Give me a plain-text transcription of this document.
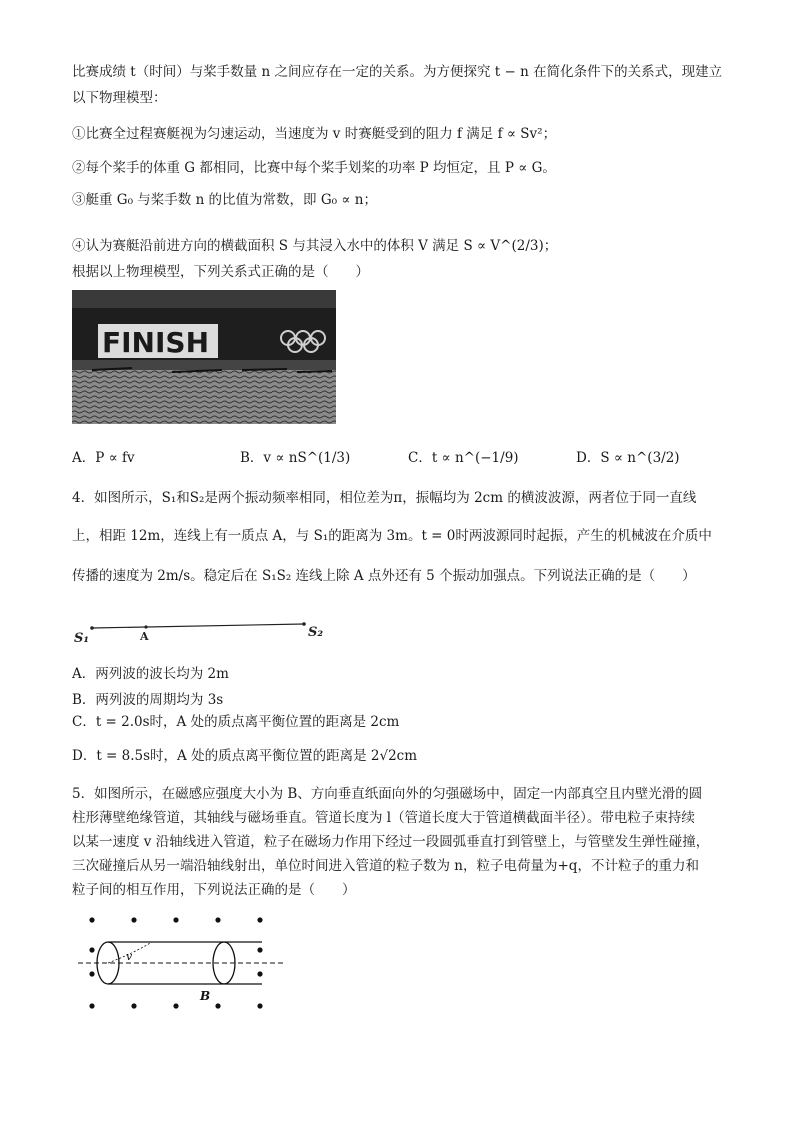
比赛成绩 t（时间）与桨手数量 n 之间应存在一定的关系。为方便探究 t − n 在简化条件下的关系式，现建立
以下物理模型：
①比赛全过程赛艇视为匀速运动，当速度为 v 时赛艇受到的阻力 f 满足 f ∝ Sv²；
②每个桨手的体重 G 都相同，比赛中每个桨手划桨的功率 P 均恒定，且 P ∝ G。
③艇重 G₀ 与桨手数 n 的比值为常数，即 G₀ ∝ n；
④认为赛艇沿前进方向的横截面积 S 与其浸入水中的体积 V 满足 S ∝ V^(2/3)；
根据以上物理模型，下列关系式正确的是（　　）
FINISH
A．P ∝ fv	B．v ∝ nS^(1/3)	C．t ∝ n^(−1/9)	D．S ∝ n^(3/2)
4．如图所示，S₁和S₂是两个振动频率相同，相位差为π，振幅均为 2cm 的横波波源，两者位于同一直线
上，相距 12m，连线上有一质点 A，与 S₁的距离为 3m。t = 0时两波源同时起振，产生的机械波在介质中
传播的速度为 2m/s。稳定后在 S₁S₂ 连线上除 A 点外还有 5 个振动加强点。下列说法正确的是（　　）
S₁	A	S₂
A．两列波的波长均为 2m
B．两列波的周期均为 3s
C．t = 2.0s时，A 处的质点离平衡位置的距离是 2cm
D．t = 8.5s时，A 处的质点离平衡位置的距离是 2√2cm
5．如图所示，在磁感应强度大小为 B、方向垂直纸面向外的匀强磁场中，固定一内部真空且内壁光滑的圆
柱形薄壁绝缘管道，其轴线与磁场垂直。管道长度为 l（管道长度大于管道横截面半径）。带电粒子束持续
以某一速度 v 沿轴线进入管道，粒子在磁场力作用下经过一段圆弧垂直打到管壁上，与管壁发生弹性碰撞，
三次碰撞后从另一端沿轴线射出，单位时间进入管道的粒子数为 n，粒子电荷量为+q，不计粒子的重力和
粒子间的相互作用，下列说法正确的是（　　）
v
B
